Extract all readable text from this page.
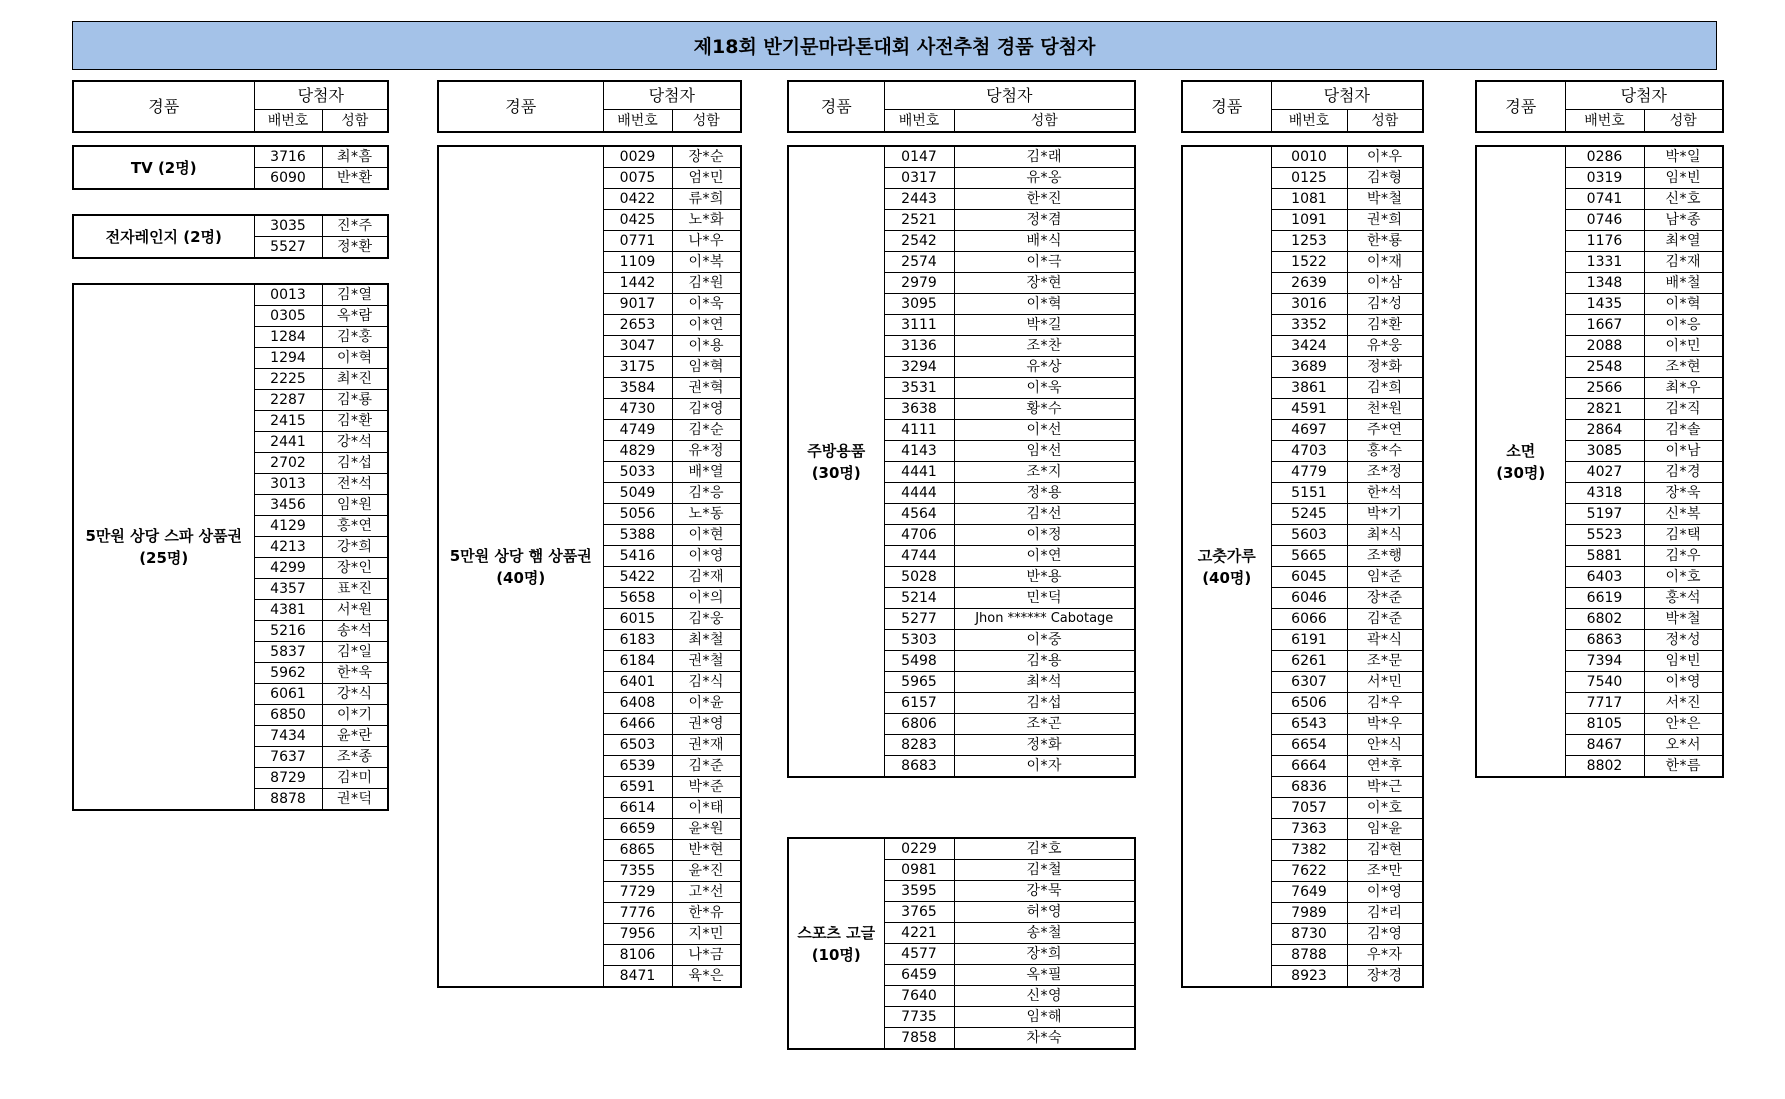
제18회 반기문마라톤대회 사전추첨 경품 당첨자
경품	당첨자	
	배번호	성함
경품	당첨자	
	배번호	성함
경품	당첨자	
	배번호	성함
경품	당첨자	
	배번호	성함
경품	당첨자	
	배번호	성함
TV (2명)	3716	최*흠
	6090	반*환
전자레인지 (2명)	3035	진*주
	5527	정*환
5만원 상당 스파 상품권
(25명)	0013	김*열
	0305	옥*람
	1284	김*홍
	1294	이*혁
	2225	최*진
	2287	김*룡
	2415	김*환
	2441	강*석
	2702	김*섭
	3013	전*석
	3456	임*원
	4129	홍*연
	4213	강*희
	4299	장*인
	4357	표*진
	4381	서*원
	5216	송*석
	5837	김*일
	5962	한*욱
	6061	강*식
	6850	이*기
	7434	윤*란
	7637	조*종
	8729	김*미
	8878	권*덕
5만원 상당 햄 상품권
(40명)	0029	장*순
	0075	엄*민
	0422	류*희
	0425	노*화
	0771	나*우
	1109	이*복
	1442	김*원
	9017	이*욱
	2653	이*연
	3047	이*용
	3175	임*혁
	3584	권*혁
	4730	김*영
	4749	김*순
	4829	유*정
	5033	배*열
	5049	김*응
	5056	노*동
	5388	이*현
	5416	이*영
	5422	김*재
	5658	이*의
	6015	김*웅
	6183	최*철
	6184	권*철
	6401	김*식
	6408	이*윤
	6466	권*영
	6503	권*재
	6539	김*준
	6591	박*준
	6614	이*태
	6659	윤*원
	6865	반*현
	7355	윤*진
	7729	고*선
	7776	한*유
	7956	지*민
	8106	나*금
	8471	육*은
주방용품
(30명)	0147	김*래
	0317	유*옹
	2443	한*진
	2521	정*겸
	2542	배*식
	2574	이*극
	2979	장*현
	3095	이*혁
	3111	박*길
	3136	조*찬
	3294	유*상
	3531	이*욱
	3638	황*수
	4111	이*선
	4143	임*선
	4441	조*지
	4444	정*용
	4564	김*선
	4706	이*정
	4744	이*연
	5028	반*용
	5214	민*덕
	5277	Jhon ****** Cabotage
	5303	이*중
	5498	김*용
	5965	최*석
	6157	김*섭
	6806	조*곤
	8283	정*화
	8683	이*자
스포츠 고글
(10명)	0229	김*호
	0981	김*철
	3595	강*묵
	3765	허*영
	4221	송*철
	4577	장*희
	6459	옥*필
	7640	신*영
	7735	임*해
	7858	차*숙
고춧가루
(40명)	0010	이*우
	0125	김*형
	1081	박*철
	1091	권*희
	1253	한*룡
	1522	이*재
	2639	이*삼
	3016	김*성
	3352	김*환
	3424	유*웅
	3689	정*화
	3861	김*희
	4591	천*원
	4697	주*연
	4703	홍*수
	4779	조*정
	5151	한*석
	5245	박*기
	5603	최*식
	5665	조*행
	6045	임*준
	6046	장*준
	6066	김*준
	6191	곽*식
	6261	조*문
	6307	서*민
	6506	김*우
	6543	박*우
	6654	안*식
	6664	연*후
	6836	박*근
	7057	이*호
	7363	임*윤
	7382	김*현
	7622	조*만
	7649	이*영
	7989	김*리
	8730	김*영
	8788	우*자
	8923	장*경
소면
(30명)	0286	박*일
	0319	임*빈
	0741	신*호
	0746	남*종
	1176	최*열
	1331	김*재
	1348	배*철
	1435	이*혁
	1667	이*응
	2088	이*민
	2548	조*현
	2566	최*우
	2821	김*직
	2864	김*솔
	3085	이*남
	4027	김*경
	4318	장*욱
	5197	신*복
	5523	김*택
	5881	김*우
	6403	이*호
	6619	홍*석
	6802	박*철
	6863	정*성
	7394	임*빈
	7540	이*영
	7717	서*진
	8105	안*은
	8467	오*서
	8802	한*름
